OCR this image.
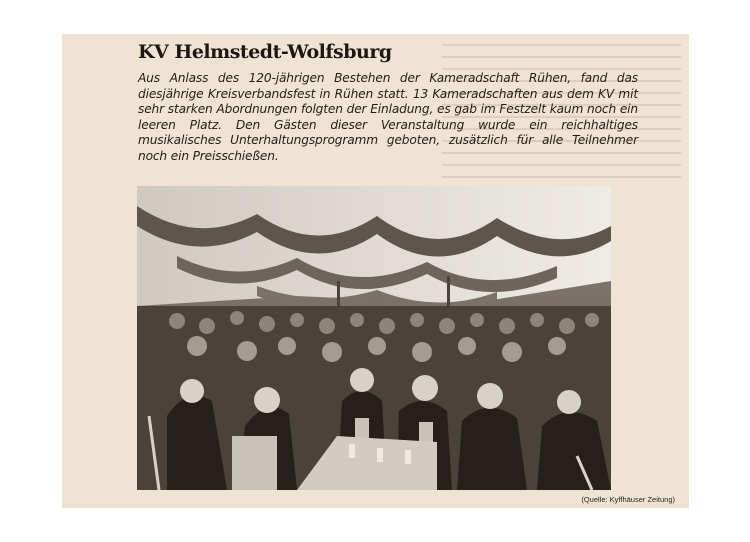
KV Helmstedt-Wolfsburg

Aus Anlass des 120-jährigen Bestehen der Kameradschaft Rühen, fand das diesjährige Kreisverbandsfest in Rühen statt. 13 Kameradschaften aus dem KV mit sehr starken Abordnungen folgten der Einladung, es gab im Festzelt kaum noch ein leeren Platz. Den Gästen dieser Veranstaltung wurde ein reichhaltiges musikalisches Unterhaltungsprogramm geboten, zusätzlich für alle Teilnehmer noch ein Preisschießen.

(Quelle: Kyffhäuser Zeitung)
